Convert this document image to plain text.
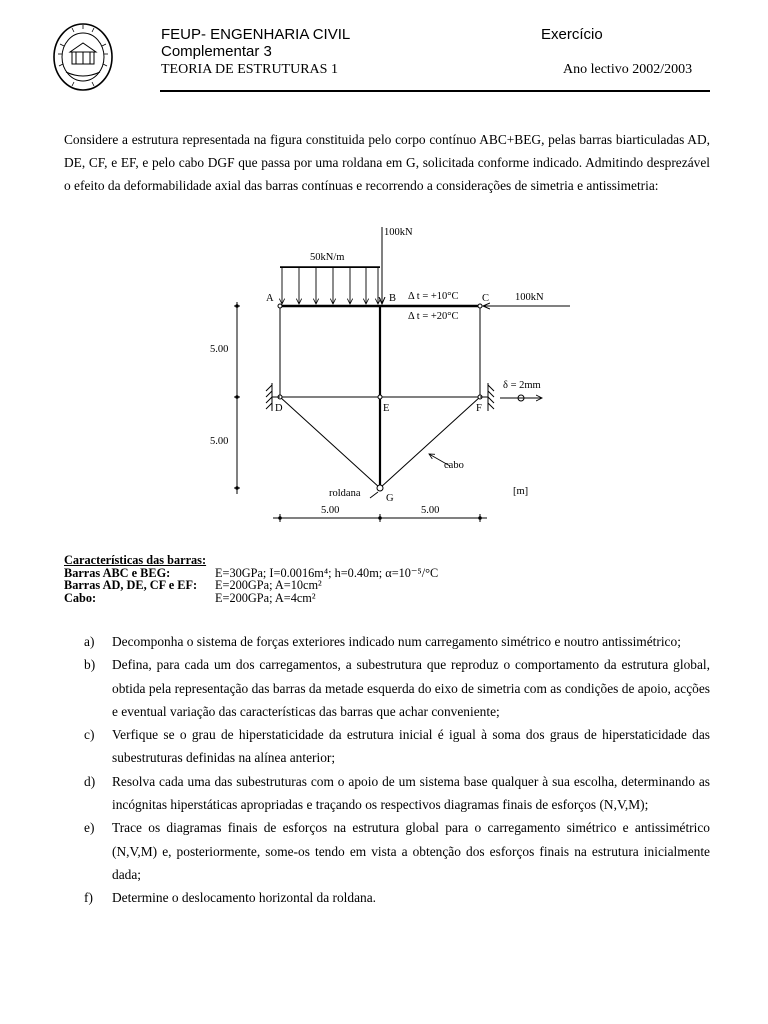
FEUP- ENGENHARIA CIVIL
Complementar 3
TEORIA DE ESTRUTURAS 1
Exercício
Ano lectivo 2002/2003
Considere a estrutura representada na figura constituida pelo corpo contínuo ABC+BEG, pelas barras biarticuladas AD, DE, CF, e EF, e pelo cabo DGF que passa por uma roldana em G, solicitada conforme indicado. Admitindo desprezável o efeito da deformabilidade axial das barras contínuas e recorrendo a considerações de simetria e antissimetria:
100kN
50kN/m
A	B	C 100kN
Δ t = +10°C
Δ t = +20°C
5.00
5.00
δ = 2mm
D	E	F
cabo
[m]
roldana G
5.00	5.00
Características das barras:
Barras ABC e BEG:	E=30GPa; I=0.0016m⁴; h=0.40m; α=10⁻⁵/°C
Barras AD, DE, CF e EF:	E=200GPa; A=10cm²
Cabo:	E=200GPa; A=4cm²
a)	Decomponha o sistema de forças exteriores indicado num carregamento simétrico e noutro antissimétrico;
b)	Defina, para cada um dos carregamentos, a subestrutura que reproduz o comportamento da estrutura global, obtida pela representação das barras da metade esquerda do eixo de simetria com as condições de apoio, acções e eventual variação das características das barras que achar conveniente;
c)	Verfique se o grau de hiperstaticidade da estrutura inicial é igual à soma dos graus de hiperstaticidade das subestruturas definidas na alínea anterior;
d)	Resolva cada uma das subestruturas com o apoio de um sistema base qualquer à sua escolha, determinando as incógnitas hiperstáticas apropriadas e traçando os respectivos diagramas finais de esforços (N,V,M);
e)	Trace os diagramas finais de esforços na estrutura global para o carregamento simétrico e antissimétrico (N,V,M) e, posteriormente, some-os tendo em vista a obtenção dos esforços finais na estrutura inicialmente dada;
f)	Determine o deslocamento horizontal da roldana.
